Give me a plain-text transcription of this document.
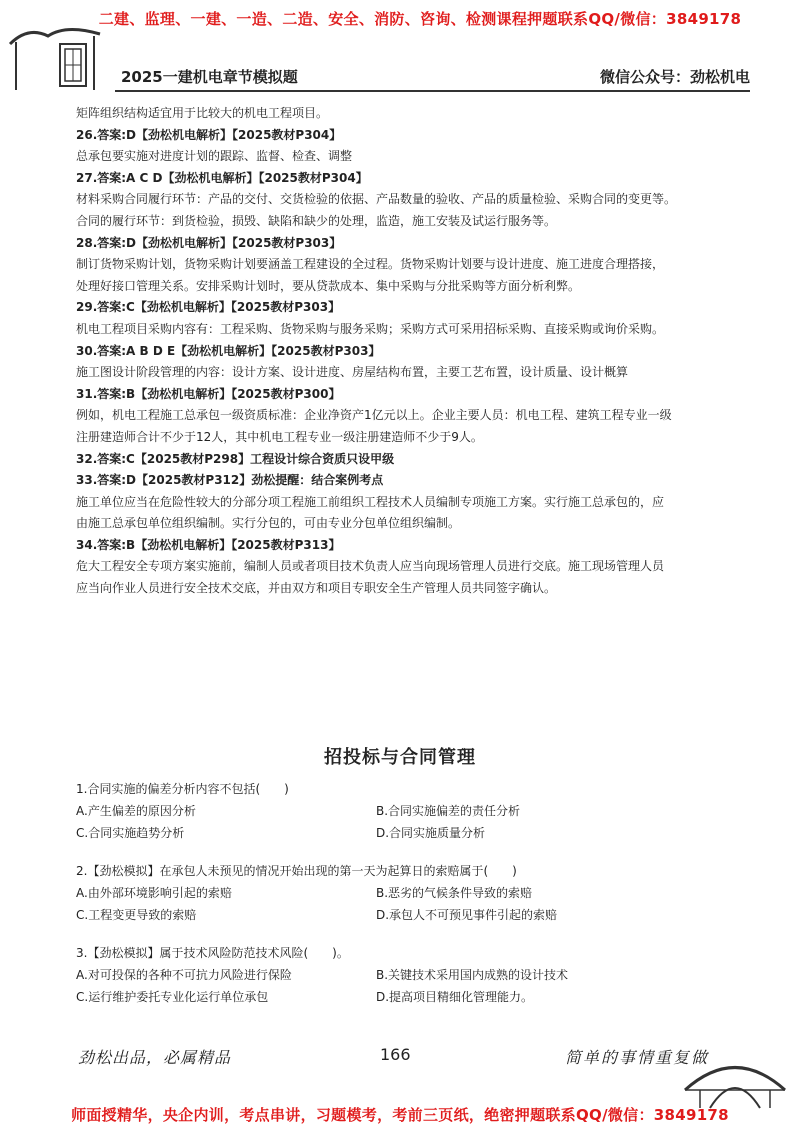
二建、监理、一建、一造、二造、安全、消防、咨询、检测课程押题联系QQ/微信：3849178
2025一建机电章节模拟题	微信公众号：劲松机电
矩阵组织结构适宜用于比较大的机电工程项目。
26.答案:D【劲松机电解析】【2025教材P304】
总承包要实施对进度计划的跟踪、监督、检查、调整
27.答案:A C D【劲松机电解析】【2025教材P304】
材料采购合同履行环节：产品的交付、交货检验的依据、产品数量的验收、产品的质量检验、采购合同的变更等。
合同的履行环节：到货检验，损毁、缺陷和缺少的处理，监造，施工安装及试运行服务等。
28.答案:D【劲松机电解析】【2025教材P303】
制订货物采购计划，货物采购计划要涵盖工程建设的全过程。货物采购计划要与设计进度、施工进度合理搭接，
处理好接口管理关系。安排采购计划时，要从贷款成本、集中采购与分批采购等方面分析利弊。
29.答案:C【劲松机电解析】【2025教材P303】
机电工程项目采购内容有：工程采购、货物采购与服务采购；采购方式可采用招标采购、直接采购或询价采购。
30.答案:A B D E【劲松机电解析】【2025教材P303】
施工图设计阶段管理的内容：设计方案、设计进度、房屋结构布置，主要工艺布置，设计质量、设计概算
31.答案:B【劲松机电解析】【2025教材P300】
例如，机电工程施工总承包一级资质标准：企业净资产1亿元以上。企业主要人员：机电工程、建筑工程专业一级
注册建造师合计不少于12人，其中机电工程专业一级注册建造师不少于9人。
32.答案:C【2025教材P298】工程设计综合资质只设甲级
33.答案:D【2025教材P312】劲松提醒：结合案例考点
施工单位应当在危险性较大的分部分项工程施工前组织工程技术人员编制专项施工方案。实行施工总承包的，应
由施工总承包单位组织编制。实行分包的，可由专业分包单位组织编制。
34.答案:B【劲松机电解析】【2025教材P313】
危大工程安全专项方案实施前，编制人员或者项目技术负责人应当向现场管理人员进行交底。施工现场管理人员
应当向作业人员进行安全技术交底，并由双方和项目专职安全生产管理人员共同签字确认。
招投标与合同管理
1.合同实施的偏差分析内容不包括(　　)
A.产生偏差的原因分析	B.合同实施偏差的责任分析
C.合同实施趋势分析	D.合同实施质量分析
2.【劲松模拟】在承包人未预见的情况开始出现的第一天为起算日的索赔属于(　　)
A.由外部环境影响引起的索赔	B.恶劣的气候条件导致的索赔
C.工程变更导致的索赔	D.承包人不可预见事件引起的索赔
3.【劲松模拟】属于技术风险防范技术风险(　　)。
A.对可投保的各种不可抗力风险进行保险	B.关键技术采用国内成熟的设计技术
C.运行维护委托专业化运行单位承包	D.提高项目精细化管理能力。
劲松出品，必属精品	166	简单的事情重复做
师面授精华，央企内训，考点串讲，习题模考，考前三页纸，绝密押题联系QQ/微信：3849178
